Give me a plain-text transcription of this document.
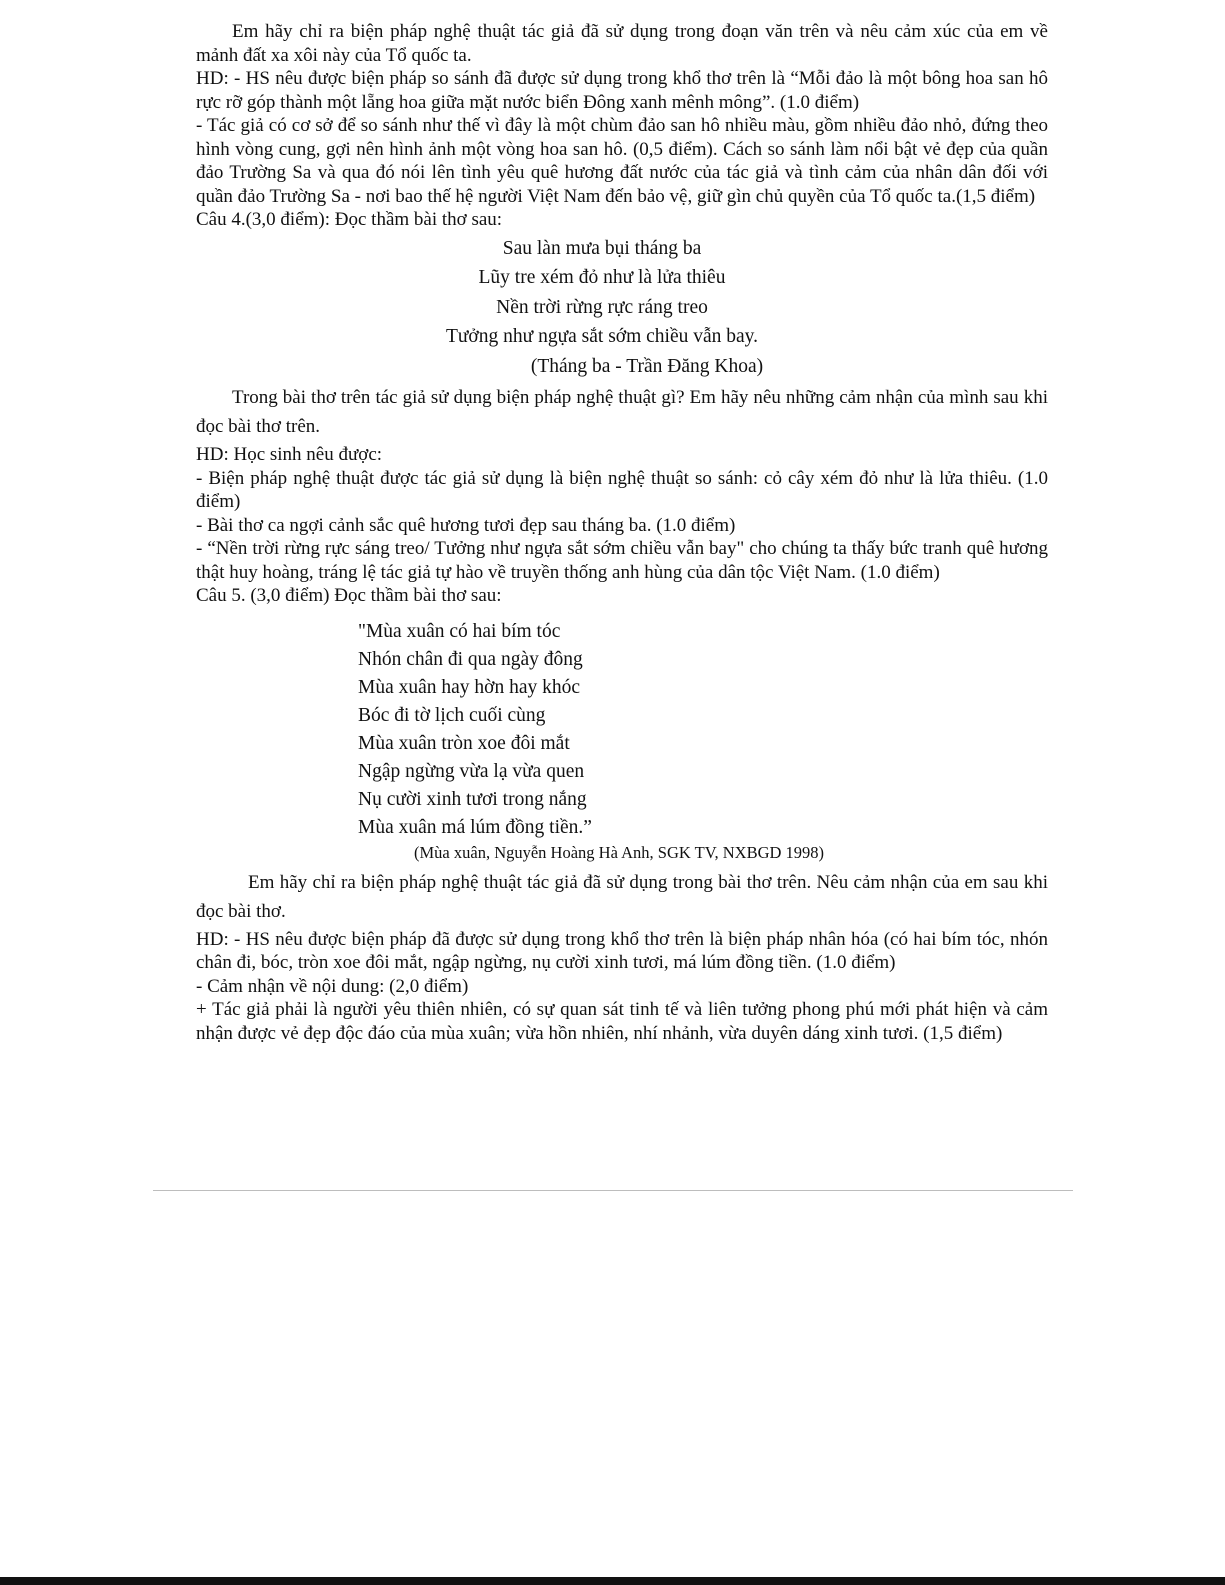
Em hãy chỉ ra biện pháp nghệ thuật tác giả đã sử dụng trong đoạn văn trên và nêu cảm xúc của em về mảnh đất xa xôi này của Tổ quốc ta.

HD: - HS nêu được biện pháp so sánh đã được sử dụng trong khổ thơ trên là “Mỗi đảo là một bông hoa san hô rực rỡ góp thành một lẵng hoa giữa mặt nước biển Đông xanh mênh mông”. (1.0 điểm)

- Tác giả có cơ sở để so sánh như thế vì đây là một chùm đảo san hô nhiều màu, gồm nhiều đảo nhỏ, đứng theo hình vòng cung, gợi nên hình ảnh một vòng hoa san hô. (0,5 điểm). Cách so sánh làm nổi bật vẻ đẹp của quần đảo Trường Sa và qua đó nói lên tình yêu quê hương đất nước của tác giả và tình cảm của nhân dân đối với quần đảo Trường Sa - nơi bao thế hệ người Việt Nam đến bảo vệ, giữ gìn chủ quyền của Tổ quốc ta.(1,5 điểm)

Câu 4.(3,0 điểm): Đọc thầm bài thơ sau:

Sau làn mưa bụi tháng ba
Lũy tre xém đỏ như là lửa thiêu
Nền trời rừng rực ráng treo
Tưởng như ngựa sắt sớm chiều vẫn bay.
(Tháng ba - Trần Đăng Khoa)

Trong bài thơ trên tác giả sử dụng biện pháp nghệ thuật gì? Em hãy nêu những cảm nhận của mình sau khi đọc bài thơ trên.

HD: Học sinh nêu được:

- Biện pháp nghệ thuật được tác giả sử dụng là biện nghệ thuật so sánh: cỏ cây xém đỏ như là lửa thiêu. (1.0 điểm)

- Bài thơ ca ngợi cảnh sắc quê hương tươi đẹp sau tháng ba. (1.0 điểm)

- “Nền trời rừng rực sáng treo/ Tưởng như ngựa sắt sớm chiều vẫn bay" cho chúng ta thấy bức tranh quê hương thật huy hoàng, tráng lệ tác giả tự hào về truyền thống anh hùng của dân tộc Việt Nam. (1.0 điểm)

Câu 5. (3,0 điểm) Đọc thầm bài thơ sau:

"Mùa xuân có hai bím tóc
Nhón chân đi qua ngày đông
Mùa xuân hay hờn hay khóc
Bóc đi tờ lịch cuối cùng
Mùa xuân tròn xoe đôi mắt
Ngập ngừng vừa lạ vừa quen
Nụ cười xinh tươi trong nắng
Mùa xuân má lúm đồng tiền.”
(Mùa xuân, Nguyễn Hoàng Hà Anh, SGK TV, NXBGD 1998)

Em hãy chỉ ra biện pháp nghệ thuật tác giả đã sử dụng trong bài thơ trên. Nêu cảm nhận của em sau khi đọc bài thơ.

HD: - HS nêu được biện pháp đã được sử dụng trong khổ thơ trên là biện pháp nhân hóa (có hai bím tóc, nhón chân đi, bóc, tròn xoe đôi mắt, ngập ngừng, nụ cười xinh tươi, má lúm đồng tiền. (1.0 điểm)

- Cảm nhận về nội dung: (2,0 điểm)

+ Tác giả phải là người yêu thiên nhiên, có sự quan sát tinh tế và liên tưởng phong phú mới phát hiện và cảm nhận được vẻ đẹp độc đáo của mùa xuân; vừa hồn nhiên, nhí nhảnh, vừa duyên dáng xinh tươi. (1,5 điểm)
